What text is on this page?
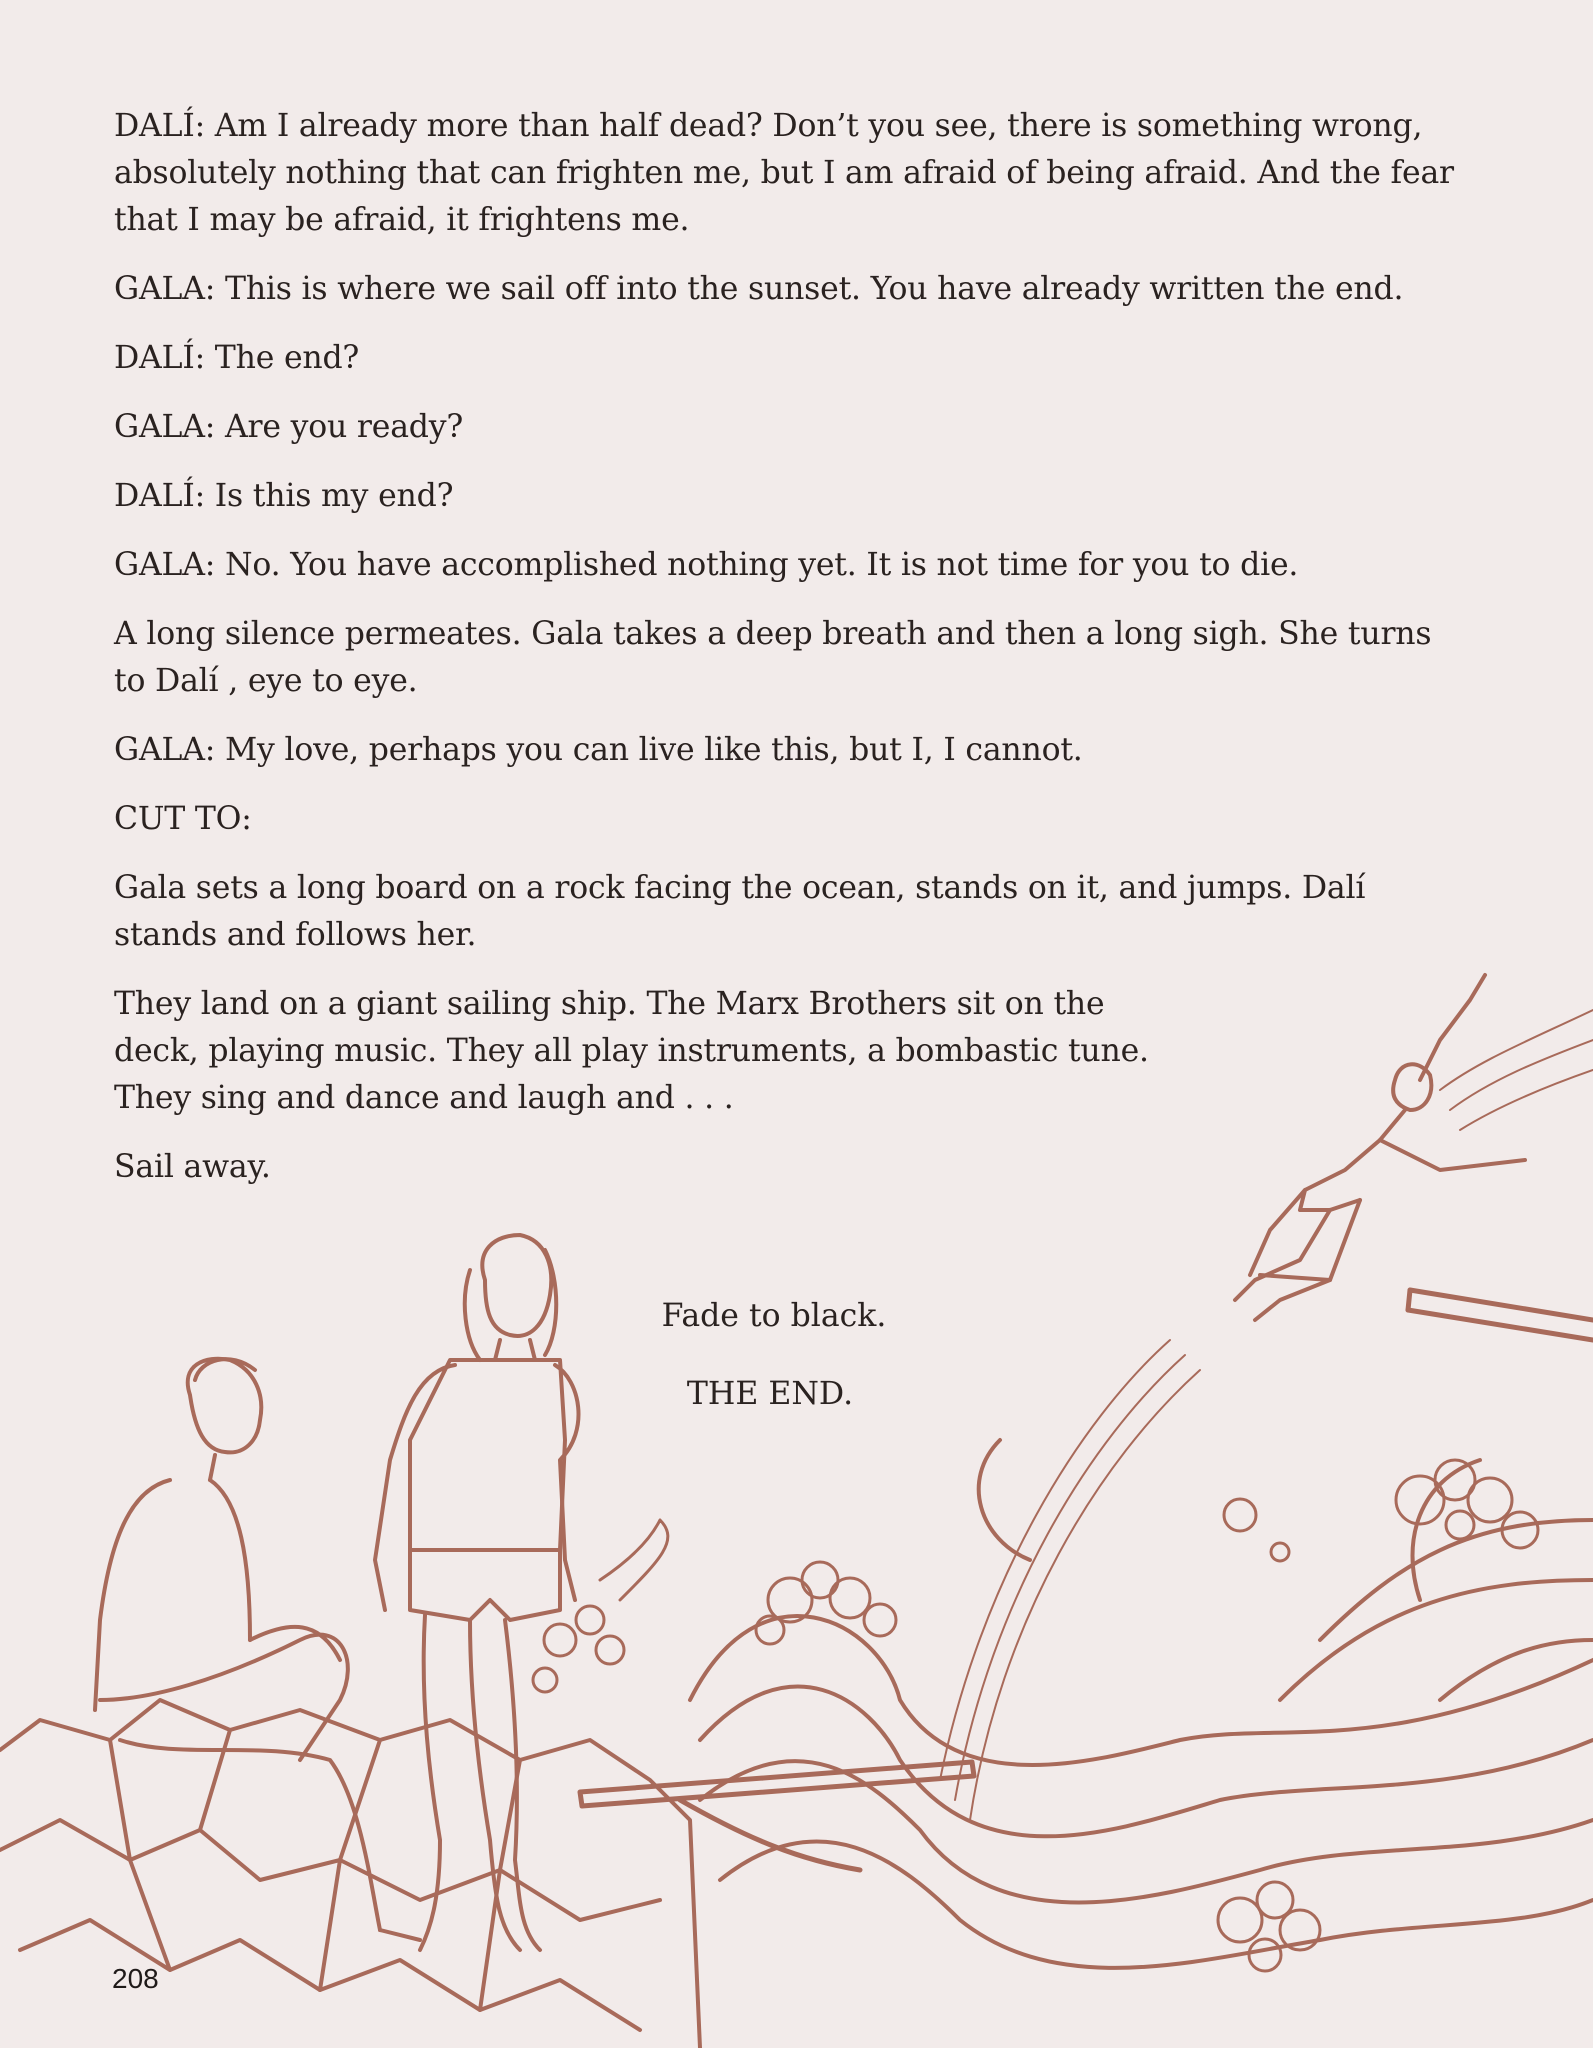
DALÍ: Am I already more than half dead? Don’t you see, there is something wrong, absolutely nothing that can frighten me, but I am afraid of being afraid. And the fear that I may be afraid, it frightens me.

GALA: This is where we sail off into the sunset. You have already written the end.

DALÍ: The end?

GALA: Are you ready?

DALÍ: Is this my end?

GALA: No. You have accomplished nothing yet. It is not time for you to die.

A long silence permeates. Gala takes a deep breath and then a long sigh. She turns to Dalí , eye to eye.

GALA: My love, perhaps you can live like this, but I, I cannot.

CUT TO:

Gala sets a long board on a rock facing the ocean, stands on it, and jumps. Dalí stands and follows her.

They land on a giant sailing ship. The Marx Brothers sit on the deck, playing music. They all play instruments, a bombastic tune. They sing and dance and laugh and . . .

Sail away.

Fade to black.
THE END.
208
